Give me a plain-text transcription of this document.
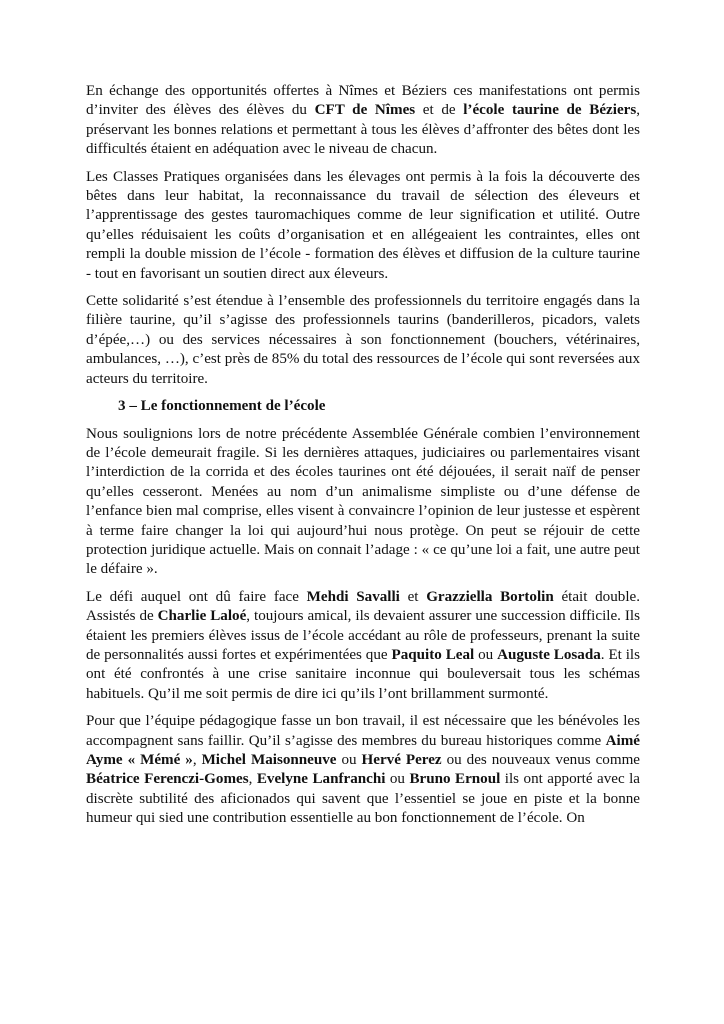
En échange des opportunités offertes à Nîmes et Béziers ces manifestations ont permis d’inviter des élèves des élèves du CFT de Nîmes et de l’école taurine de Béziers, préservant les bonnes relations et permettant à tous les élèves d’affronter des bêtes dont les difficultés étaient en adéquation avec le niveau de chacun.

Les Classes Pratiques organisées dans les élevages ont permis à la fois la découverte des bêtes dans leur habitat, la reconnaissance du travail de sélection des éleveurs et l’apprentissage des gestes tauromachiques comme de leur signification et utilité. Outre qu’elles réduisaient les coûts d’organisation et en allégeaient les contraintes, elles ont rempli la double mission de l’école - formation des élèves et diffusion de la culture taurine - tout en favorisant un soutien direct aux éleveurs.

Cette solidarité s’est étendue à l’ensemble des professionnels du territoire engagés dans la filière taurine, qu’il s’agisse des professionnels taurins (banderilleros, picadors, valets d’épée,…) ou des services nécessaires à son fonctionnement (bouchers, vétérinaires, ambulances, …), c’est près de 85% du total des ressources de l’école qui sont reversées aux acteurs du territoire.

3 – Le fonctionnement de l’école

Nous soulignions lors de notre précédente Assemblée Générale combien l’environnement de l’école demeurait fragile. Si les dernières attaques, judiciaires ou parlementaires visant l’interdiction de la corrida et des écoles taurines ont été déjouées, il serait naïf de penser qu’elles cesseront. Menées au nom d’un animalisme simpliste ou d’une défense de l’enfance bien mal comprise, elles visent à convaincre l’opinion de leur justesse et espèrent à terme faire changer la loi qui aujourd’hui nous protège. On peut se réjouir de cette protection juridique actuelle. Mais on connait l’adage : « ce qu’une loi a fait, une autre peut le défaire ».

Le défi auquel ont dû faire face Mehdi Savalli et Grazziella Bortolin était double. Assistés de Charlie Laloé, toujours amical, ils devaient assurer une succession difficile. Ils étaient les premiers élèves issus de l’école accédant au rôle de professeurs, prenant la suite de personnalités aussi fortes et expérimentées que Paquito Leal ou Auguste Losada. Et ils ont été confrontés à une crise sanitaire inconnue qui bouleversait tous les schémas habituels. Qu’il me soit permis de dire ici qu’ils l’ont brillamment surmonté.

Pour que l’équipe pédagogique fasse un bon travail, il est nécessaire que les bénévoles les accompagnent sans faillir. Qu’il s’agisse des membres du bureau historiques comme Aimé Ayme « Mémé », Michel Maisonneuve ou Hervé Perez ou des nouveaux venus comme Béatrice Ferenczi-Gomes, Evelyne Lanfranchi ou Bruno Ernoul ils ont apporté avec la discrète subtilité des aficionados qui savent que l’essentiel se joue en piste et la bonne humeur qui sied une contribution essentielle au bon fonctionnement de l’école. On
